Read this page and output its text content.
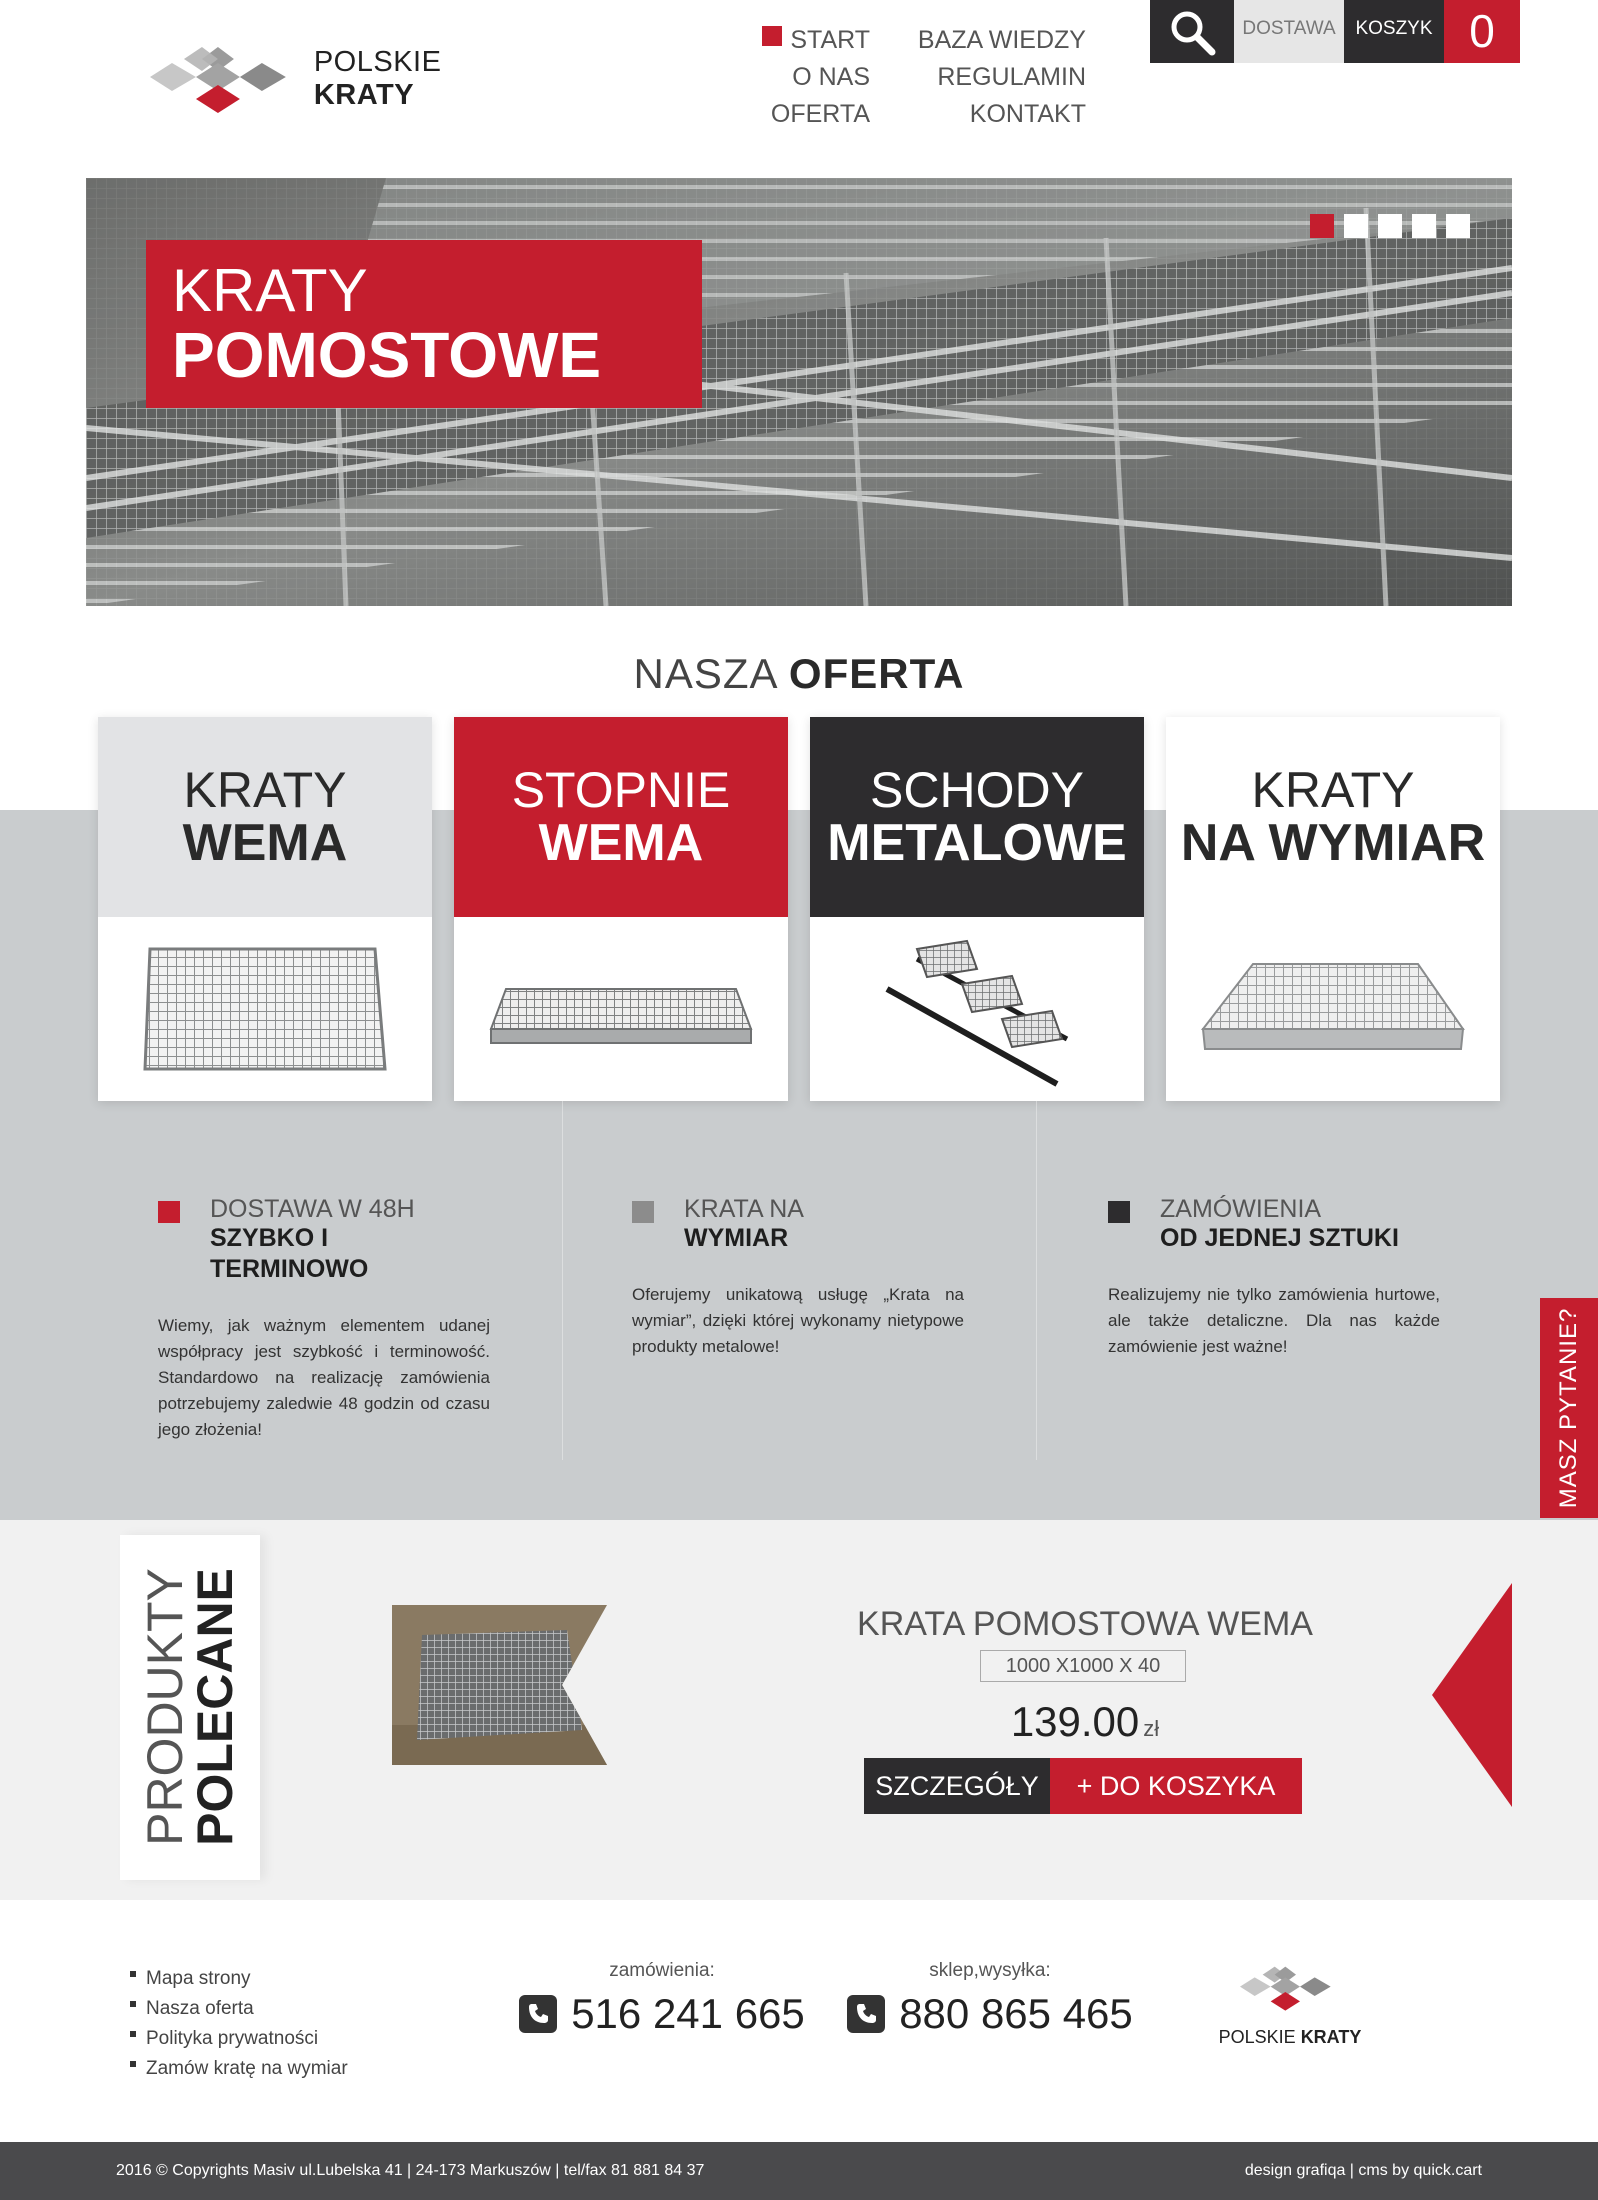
POLSKIE KRATY
START
O NAS
OFERTA
BAZA WIEDZY
REGULAMIN
KONTAKT
DOSTAWA	KOSZYK 0
KRATY
POMOSTOWE
NASZA OFERTA
KRATY
WEMA
STOPNIE
WEMA
SCHODY
METALOWE
KRATY
NA WYMIAR
DOSTAWA W 48H
SZYBKO I
TERMINOWO

Wiemy, jak ważnym elementem udanej współpracy jest szybkość i terminowość. Standardowo na realizację zamówienia potrzebujemy zaledwie 48 godzin od czasu jego złożenia!

KRATA NA
WYMIAR

Oferujemy unikatową usługę „Krata na wymiar”, dzięki której wykonamy nietypowe produkty metalowe!

ZAMÓWIENIA
OD JEDNEJ SZTUKI

Realizujemy nie tylko zamówienia hurtowe, ale także detaliczne. Dla nas każde zamówienie jest ważne!	MASZ PYTANIE?
PRODUKTY
POLECANE	KRATA POMOSTOWA WEMA
1000 X1000 X 40
139.00 zł
SZCZEGÓŁY	+ DO KOSZYKA
Mapa strony
Nasza oferta
Polityka prywatności
Zamów kratę na wymiar
zamówienia:
516 241 665
sklep,wysyłka:
880 865 465	POLSKIE KRATY
2016 © Copyrights Masiv ul.Lubelska 41 | 24-173 Markuszów | tel/fax 81 881 84 37	design grafiqa | cms by quick.cart
